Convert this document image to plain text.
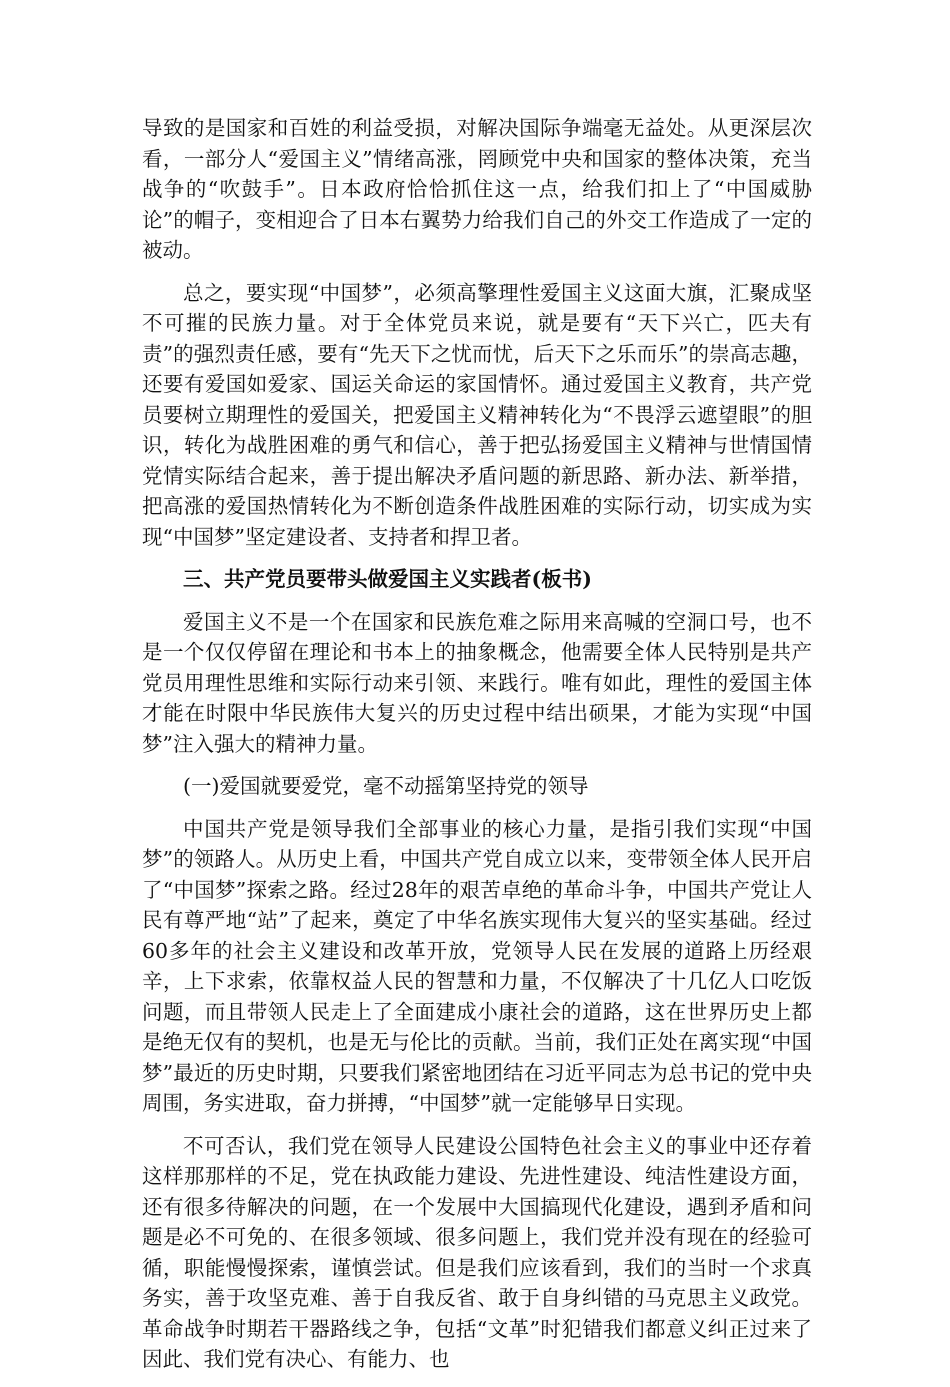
导致的是国家和百姓的利益受损，对解决国际争端毫无益处。从更深层次看，一部分人“爱国主义”情绪高涨，罔顾党中央和国家的整体决策，充当战争的“吹鼓手”。日本政府恰恰抓住这一点，给我们扣上了“中国威胁论”的帽子，变相迎合了日本右翼势力给我们自己的外交工作造成了一定的被动。

总之，要实现“中国梦”，必须高擎理性爱国主义这面大旗，汇聚成坚不可摧的民族力量。对于全体党员来说，就是要有“天下兴亡，匹夫有责”的强烈责任感，要有“先天下之忧而忧，后天下之乐而乐”的崇高志趣，还要有爱国如爱家、国运关命运的家国情怀。通过爱国主义教育，共产党员要树立期理性的爱国关，把爱国主义精神转化为“不畏浮云遮望眼”的胆识，转化为战胜困难的勇气和信心，善于把弘扬爱国主义精神与世情国情党情实际结合起来，善于提出解决矛盾问题的新思路、新办法、新举措，把高涨的爱国热情转化为不断创造条件战胜困难的实际行动，切实成为实现“中国梦”坚定建设者、支持者和捍卫者。

三、共产党员要带头做爱国主义实践者(板书)

爱国主义不是一个在国家和民族危难之际用来高喊的空洞口号，也不是一个仅仅停留在理论和书本上的抽象概念，他需要全体人民特别是共产党员用理性思维和实际行动来引领、来践行。唯有如此，理性的爱国主体才能在时限中华民族伟大复兴的历史过程中结出硕果，才能为实现“中国梦”注入强大的精神力量。

(一)爱国就要爱党，毫不动摇第坚持党的领导

中国共产党是领导我们全部事业的核心力量，是指引我们实现“中国梦”的领路人。从历史上看，中国共产党自成立以来，变带领全体人民开启了“中国梦”探索之路。经过28年的艰苦卓绝的革命斗争，中国共产党让人民有尊严地“站”了起来，奠定了中华名族实现伟大复兴的坚实基础。经过60多年的社会主义建设和改革开放，党领导人民在发展的道路上历经艰辛，上下求索，依靠权益人民的智慧和力量，不仅解决了十几亿人口吃饭问题，而且带领人民走上了全面建成小康社会的道路，这在世界历史上都是绝无仅有的契机，也是无与伦比的贡献。当前，我们正处在离实现“中国梦”最近的历史时期，只要我们紧密地团结在习近平同志为总书记的党中央周围，务实进取，奋力拼搏，“中国梦”就一定能够早日实现。

不可否认，我们党在领导人民建设公国特色社会主义的事业中还存着这样那那样的不足，党在执政能力建设、先进性建设、纯洁性建设方面，还有很多待解决的问题，在一个发展中大国搞现代化建设，遇到矛盾和问题是必不可免的、在很多领域、很多问题上，我们党并没有现在的经验可循，职能慢慢探索，谨慎尝试。但是我们应该看到，我们的当时一个求真务实，善于攻坚克难、善于自我反省、敢于自身纠错的马克思主义政党。革命战争时期若干器路线之争，包括“文革”时犯错我们都意义纠正过来了因此、我们党有决心、有能力、也
